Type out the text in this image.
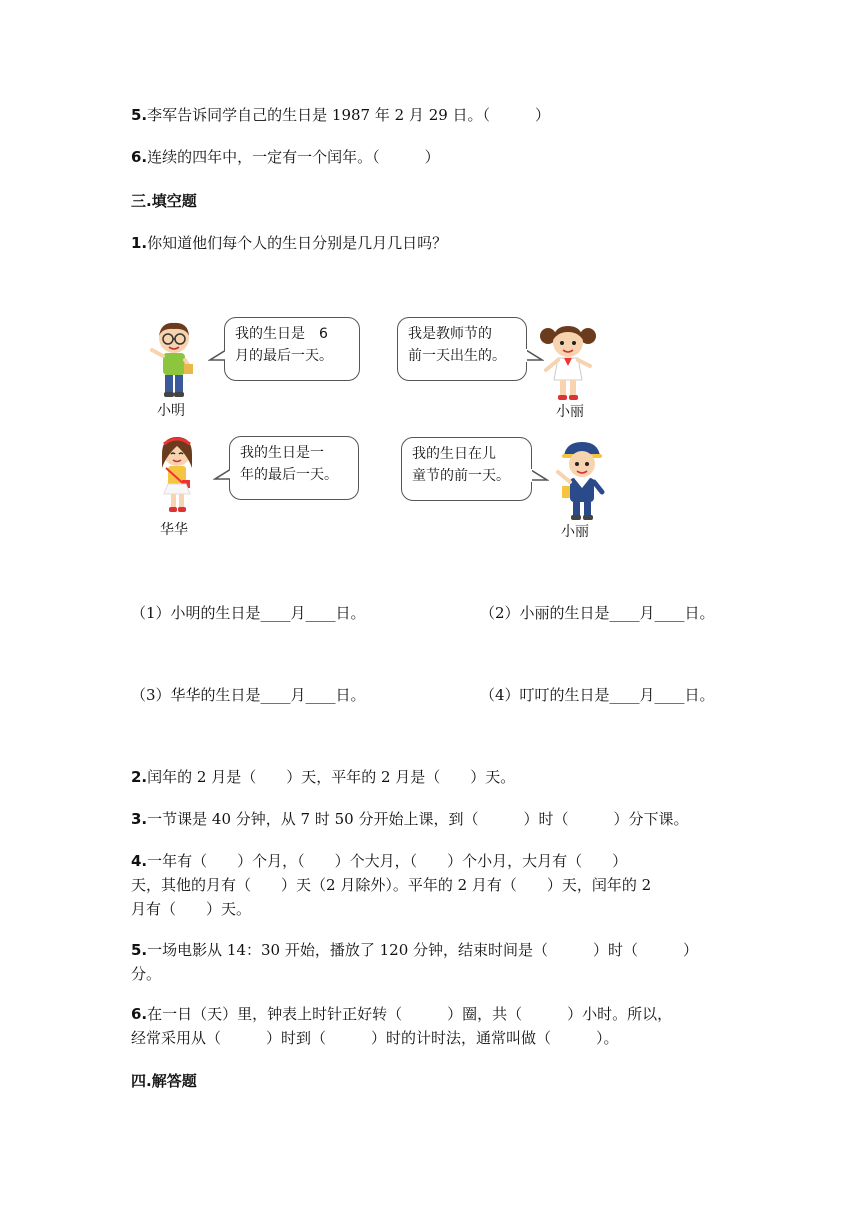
5.李军告诉同学自己的生日是 1987 年 2 月 29 日。（　　　）
6.连续的四年中，一定有一个闰年。（　　　）
三.填空题
1.你知道他们每个人的生日分别是几月几日吗？
小明
我的生日是　6
月的最后一天。
我是教师节的
前一天出生的。
小丽
华华
我的生日是一
年的最后一天。
我的生日在儿
童节的前一天。
小丽
（1）小明的生日是____月____日。	（2）小丽的生日是____月____日。
（3）华华的生日是____月____日。	（4）叮叮的生日是____月____日。
2.闰年的 2 月是（　　）天，平年的 2 月是（　　）天。
3.一节课是 40 分钟，从 7 时 50 分开始上课，到（　　　）时（　　　）分下课。
4.一年有（　　）个月，（　　）个大月，（　　）个小月，大月有（　　）
天，其他的月有（　　）天（2 月除外）。平年的 2 月有（　　）天，闰年的 2
月有（　　）天。
5.一场电影从 14：30 开始，播放了 120 分钟，结束时间是（　　　）时（　　　）
分。
6.在一日（天）里，钟表上时针正好转（　　　）圈，共（　　　）小时。所以，
经常采用从（　　　）时到（　　　）时的计时法，通常叫做（　　　）。
四.解答题
